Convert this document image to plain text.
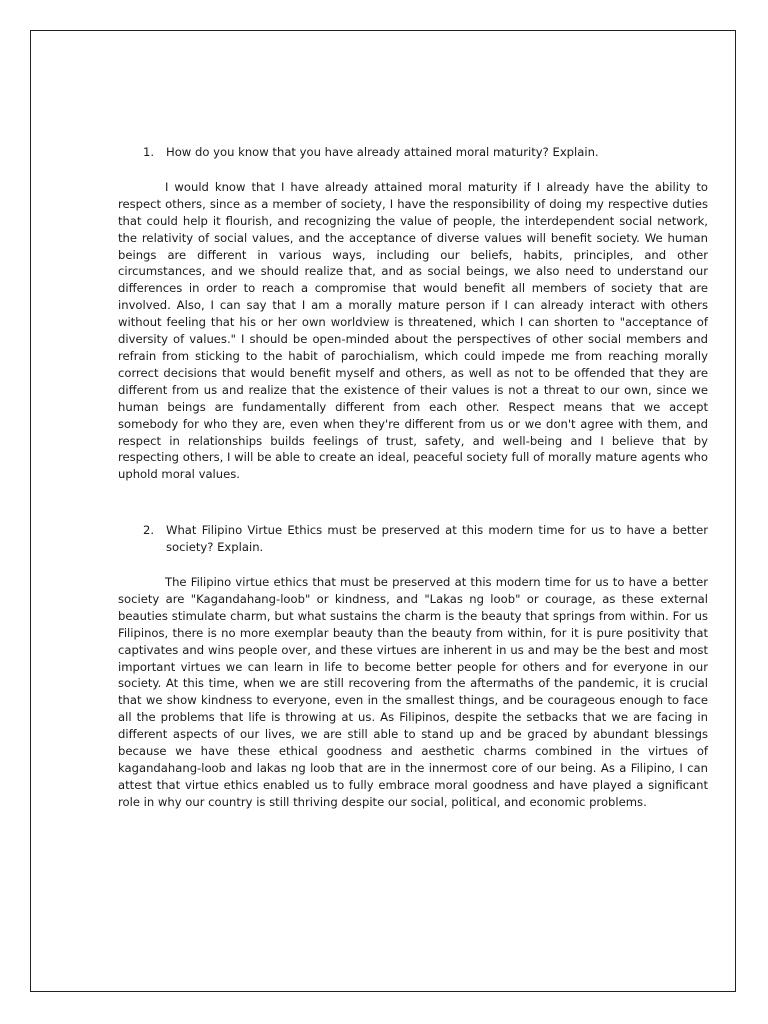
1. How do you know that you have already attained moral maturity? Explain.

I would know that I have already attained moral maturity if I already have the ability to respect others, since as a member of society, I have the responsibility of doing my respective duties that could help it flourish, and recognizing the value of people, the interdependent social network, the relativity of social values, and the acceptance of diverse values will benefit society. We human beings are different in various ways, including our beliefs, habits, principles, and other circumstances, and we should realize that, and as social beings, we also need to understand our differences in order to reach a compromise that would benefit all members of society that are involved. Also, I can say that I am a morally mature person if I can already interact with others without feeling that his or her own worldview is threatened, which I can shorten to "acceptance of diversity of values." I should be open-minded about the perspectives of other social members and refrain from sticking to the habit of parochialism, which could impede me from reaching morally correct decisions that would benefit myself and others, as well as not to be offended that they are different from us and realize that the existence of their values is not a threat to our own, since we human beings are fundamentally different from each other. Respect means that we accept somebody for who they are, even when they're different from us or we don't agree with them, and respect in relationships builds feelings of trust, safety, and well-being and I believe that by respecting others, I will be able to create an ideal, peaceful society full of morally mature agents who uphold moral values.

2. What Filipino Virtue Ethics must be preserved at this modern time for us to have a better society? Explain.

The Filipino virtue ethics that must be preserved at this modern time for us to have a better society are "Kagandahang-loob" or kindness, and "Lakas ng loob" or courage, as these external beauties stimulate charm, but what sustains the charm is the beauty that springs from within. For us Filipinos, there is no more exemplar beauty than the beauty from within, for it is pure positivity that captivates and wins people over, and these virtues are inherent in us and may be the best and most important virtues we can learn in life to become better people for others and for everyone in our society. At this time, when we are still recovering from the aftermaths of the pandemic, it is crucial that we show kindness to everyone, even in the smallest things, and be courageous enough to face all the problems that life is throwing at us. As Filipinos, despite the setbacks that we are facing in different aspects of our lives, we are still able to stand up and be graced by abundant blessings because we have these ethical goodness and aesthetic charms combined in the virtues of kagandahang-loob and lakas ng loob that are in the innermost core of our being. As a Filipino, I can attest that virtue ethics enabled us to fully embrace moral goodness and have played a significant role in why our country is still thriving despite our social, political, and economic problems.
